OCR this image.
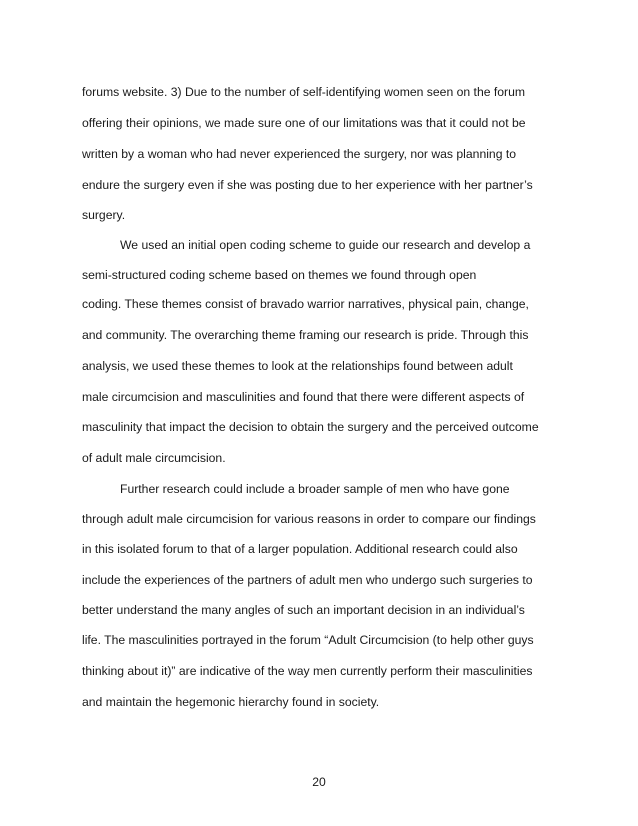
forums website. 3) Due to the number of self-identifying women seen on the forum

offering their opinions, we made sure one of our limitations was that it could not be

written by a woman who had never experienced the surgery, nor was planning to

endure the surgery even if she was posting due to her experience with her partner’s

surgery.

We used an initial open coding scheme to guide our research and develop a

semi-structured coding scheme based on themes we found through open

coding. These themes consist of bravado warrior narratives, physical pain, change,

and community. The overarching theme framing our research is pride. Through this

analysis, we used these themes to look at the relationships found between adult

male circumcision and masculinities and found that there were different aspects of

masculinity that impact the decision to obtain the surgery and the perceived outcome

of adult male circumcision.

Further research could include a broader sample of men who have gone

through adult male circumcision for various reasons in order to compare our findings

in this isolated forum to that of a larger population. Additional research could also

include the experiences of the partners of adult men who undergo such surgeries to

better understand the many angles of such an important decision in an individual’s

life. The masculinities portrayed in the forum “Adult Circumcision (to help other guys

thinking about it)” are indicative of the way men currently perform their masculinities

and maintain the hegemonic hierarchy found in society.

20
